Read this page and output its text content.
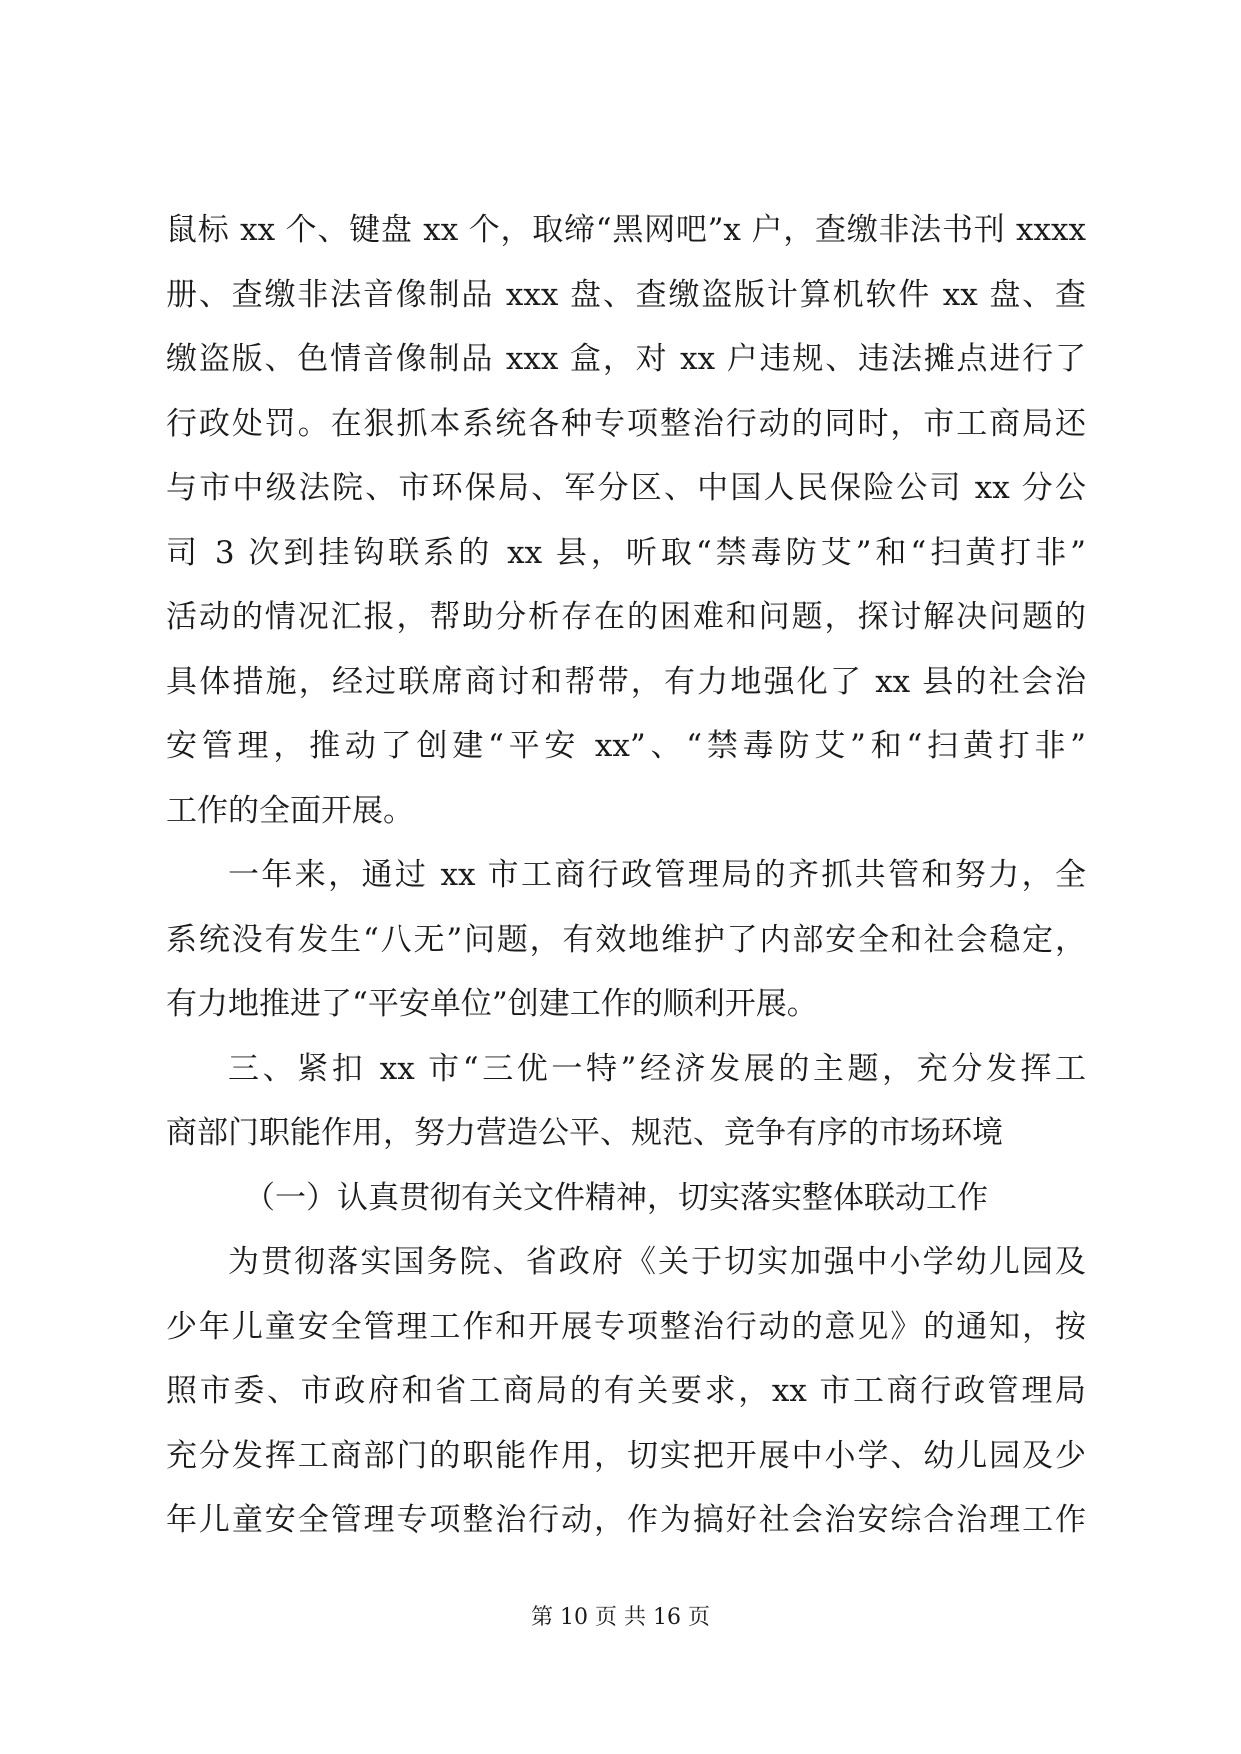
鼠标 xx 个、键盘 xx 个，取缔“黑网吧”x 户，查缴非法书刊 xxxx
册、查缴非法音像制品 xxx 盘、查缴盗版计算机软件 xx 盘、查
缴盗版、色情音像制品 xxx 盒，对 xx 户违规、违法摊点进行了
行政处罚。在狠抓本系统各种专项整治行动的同时，市工商局还
与市中级法院、市环保局、军分区、中国人民保险公司 xx 分公
司 3 次到挂钩联系的 xx 县，听取“禁毒防艾”和“扫黄打非”
活动的情况汇报，帮助分析存在的困难和问题，探讨解决问题的
具体措施，经过联席商讨和帮带，有力地强化了 xx 县的社会治
安管理，推动了创建“平安 xx”、“禁毒防艾”和“扫黄打非”
工作的全面开展。
一年来，通过 xx 市工商行政管理局的齐抓共管和努力，全
系统没有发生“八无”问题，有效地维护了内部安全和社会稳定，
有力地推进了“平安单位”创建工作的顺利开展。
三、紧扣 xx 市“三优一特”经济发展的主题，充分发挥工
商部门职能作用，努力营造公平、规范、竞争有序的市场环境
（一）认真贯彻有关文件精神，切实落实整体联动工作
为贯彻落实国务院、省政府《关于切实加强中小学幼儿园及
少年儿童安全管理工作和开展专项整治行动的意见》的通知，按
照市委、市政府和省工商局的有关要求，xx 市工商行政管理局
充分发挥工商部门的职能作用，切实把开展中小学、幼儿园及少
年儿童安全管理专项整治行动，作为搞好社会治安综合治理工作
第 10 页 共 16 页
